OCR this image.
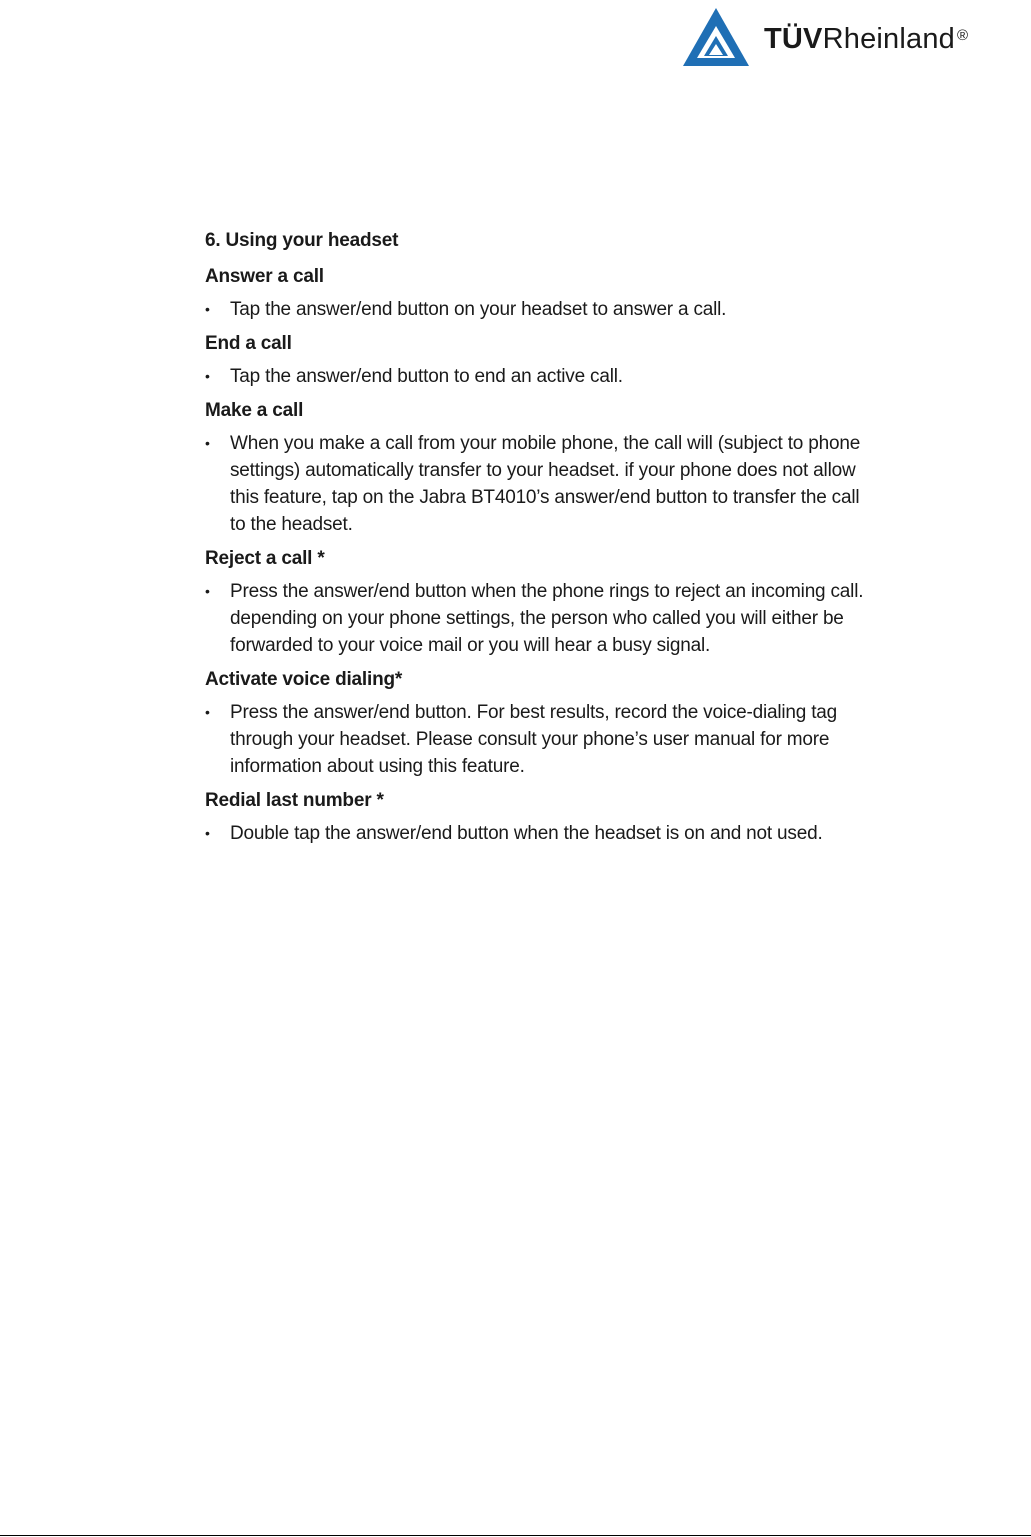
TÜVRheinland ®
6. Using your headset
Answer a call
• Tap the answer/end button on your headset to answer a call.
End a call
• Tap the answer/end button to end an active call.
Make a call
• When you make a call from your mobile phone, the call will (subject to phone settings) automatically transfer to your headset. if your phone does not allow this feature, tap on the Jabra BT4010’s answer/end button to transfer the call to the headset.
Reject a call *
• Press the answer/end button when the phone rings to reject an incoming call. depending on your phone settings, the person who called you will either be forwarded to your voice mail or you will hear a busy signal.
Activate voice dialing*
• Press the answer/end button. For best results, record the voice-dialing tag through your headset. Please consult your phone’s user manual for more information about using this feature.
Redial last number *
• Double tap the answer/end button when the headset is on and not used.
